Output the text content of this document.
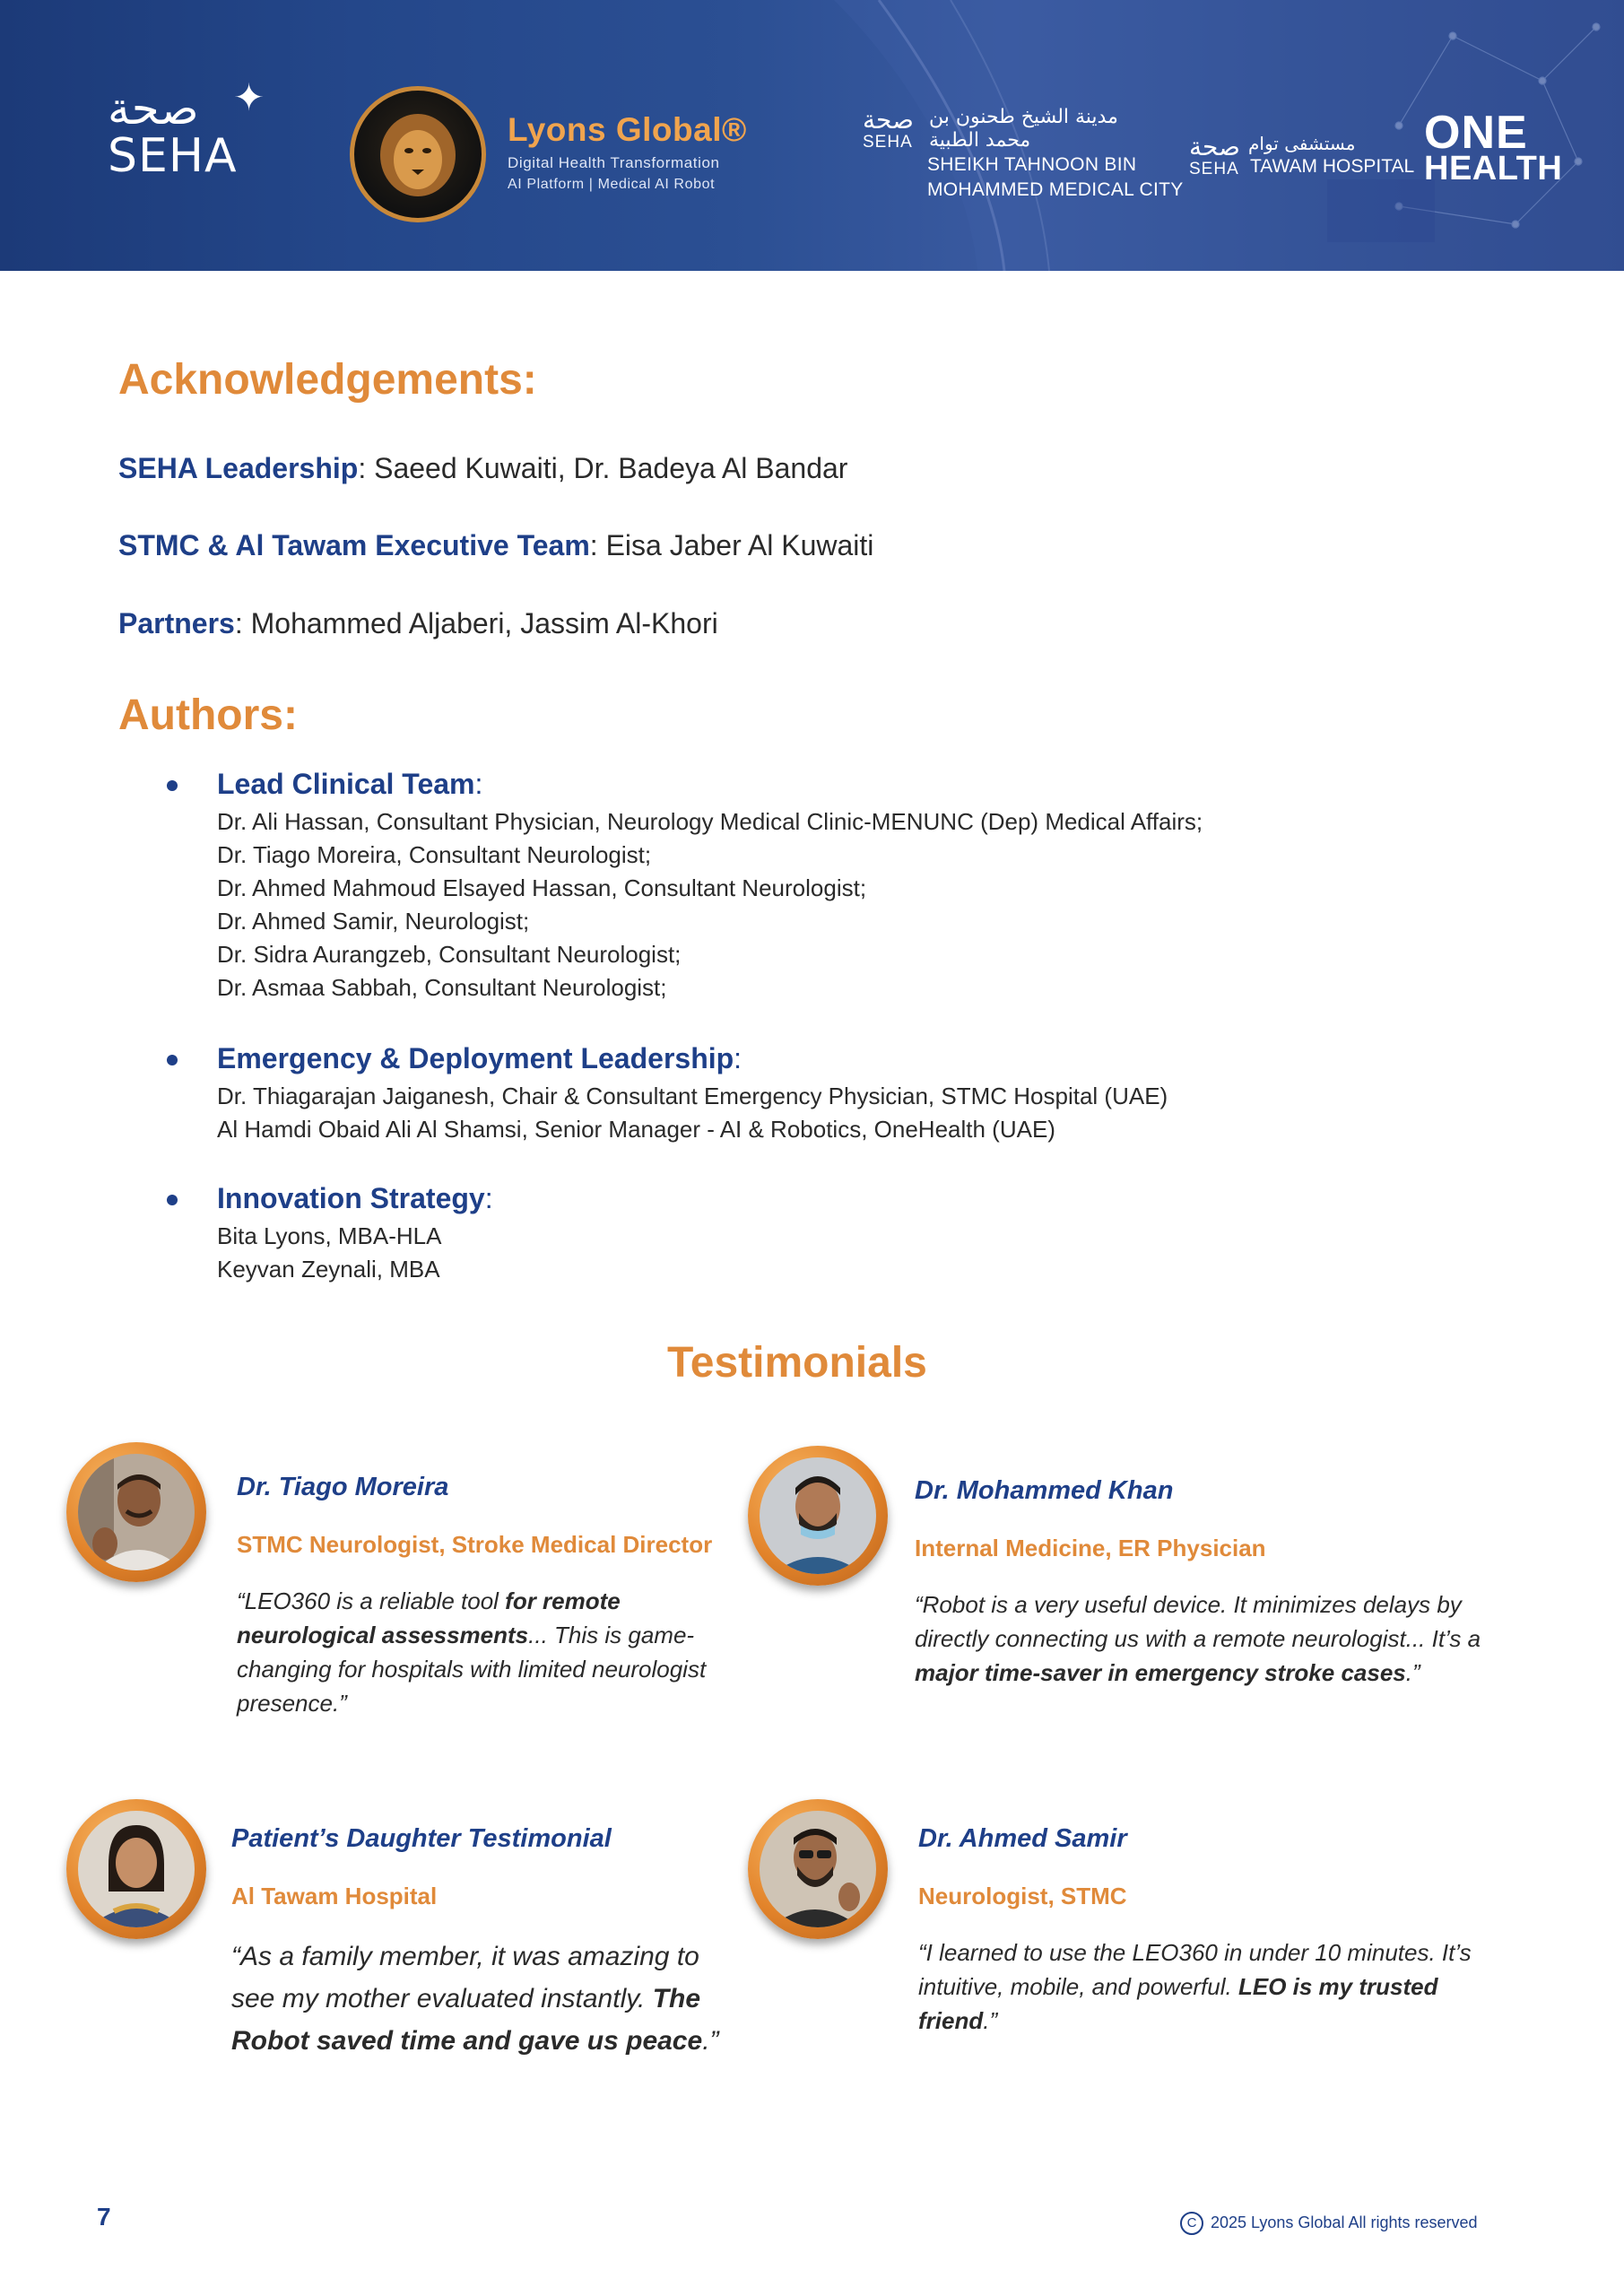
صحة
SEHA
✦
Lyons Global®
Digital Health Transformation
AI Platform | Medical AI Robot
صحة
SEHA
مدينة الشيخ طحنون بن محمد الطبية
SHEIKH TAHNOON BIN
MOHAMMED MEDICAL CITY
صحة
SEHA
مستشفى توام
TAWAM HOSPITAL
ONE
HEALTH
Acknowledgements:
SEHA Leadership: Saeed Kuwaiti, Dr. Badeya Al Bandar
STMC & Al Tawam Executive Team: Eisa Jaber Al Kuwaiti
Partners: Mohammed Aljaberi, Jassim Al-Khori
Authors:
Lead Clinical Team:
Dr. Ali Hassan, Consultant Physician, Neurology Medical Clinic-MENUNC (Dep) Medical Affairs;
Dr. Tiago Moreira, Consultant Neurologist;
Dr. Ahmed Mahmoud Elsayed Hassan, Consultant Neurologist;
Dr. Ahmed Samir, Neurologist;
Dr. Sidra Aurangzeb, Consultant Neurologist;
Dr. Asmaa Sabbah, Consultant Neurologist;
Emergency & Deployment Leadership:
Dr. Thiagarajan Jaiganesh, Chair & Consultant Emergency Physician, STMC Hospital (UAE)
Al Hamdi Obaid Ali Al Shamsi, Senior Manager - AI & Robotics, OneHealth (UAE)
Innovation Strategy:
Bita Lyons, MBA-HLA
Keyvan Zeynali, MBA
Testimonials
Dr. Tiago Moreira
STMC Neurologist, Stroke Medical Director
“LEO360 is a reliable tool for remote neurological assessments... This is game-changing for hospitals with limited neurologist presence.”
Dr. Mohammed Khan
Internal Medicine, ER Physician
“Robot is a very useful device. It minimizes delays by directly connecting us with a remote neurologist... It’s a major time-saver in emergency stroke cases.”
Patient’s Daughter Testimonial
Al Tawam Hospital
“As a family member, it was amazing to see my mother evaluated instantly. The Robot saved time and gave us peace.”
Dr. Ahmed Samir
Neurologist, STMC
“I learned to use the LEO360 in under 10 minutes. It’s intuitive, mobile, and powerful. LEO is my trusted friend.”
7	C 2025 Lyons Global All rights reserved
